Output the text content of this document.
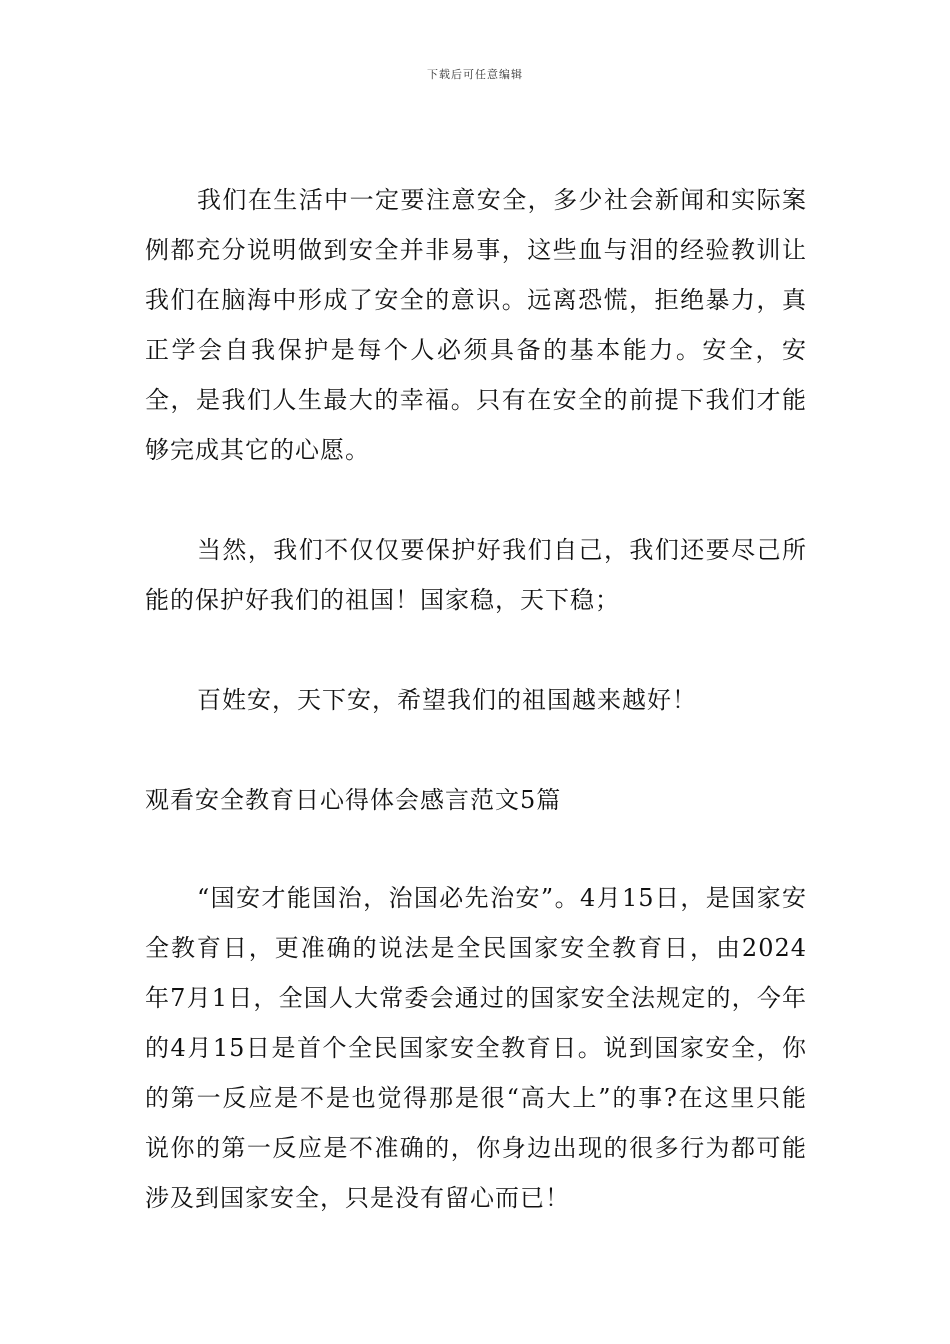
下载后可任意编辑

我们在生活中一定要注意安全，多少社会新闻和实际案例都充分说明做到安全并非易事，这些血与泪的经验教训让我们在脑海中形成了安全的意识。远离恐慌，拒绝暴力，真正学会自我保护是每个人必须具备的基本能力。安全，安全，是我们人生最大的幸福。只有在安全的前提下我们才能够完成其它的心愿。

当然，我们不仅仅要保护好我们自己，我们还要尽己所能的保护好我们的祖国！国家稳，天下稳；

百姓安，天下安，希望我们的祖国越来越好！

观看安全教育日心得体会感言范文5篇

“国安才能国治，治国必先治安”。4月15日，是国家安全教育日，更准确的说法是全民国家安全教育日，由2024年7月1日，全国人大常委会通过的国家安全法规定的，今年的4月15日是首个全民国家安全教育日。说到国家安全，你的第一反应是不是也觉得那是很“高大上”的事?在这里只能说你的第一反应是不准确的，你身边出现的很多行为都可能涉及到国家安全，只是没有留心而已！
